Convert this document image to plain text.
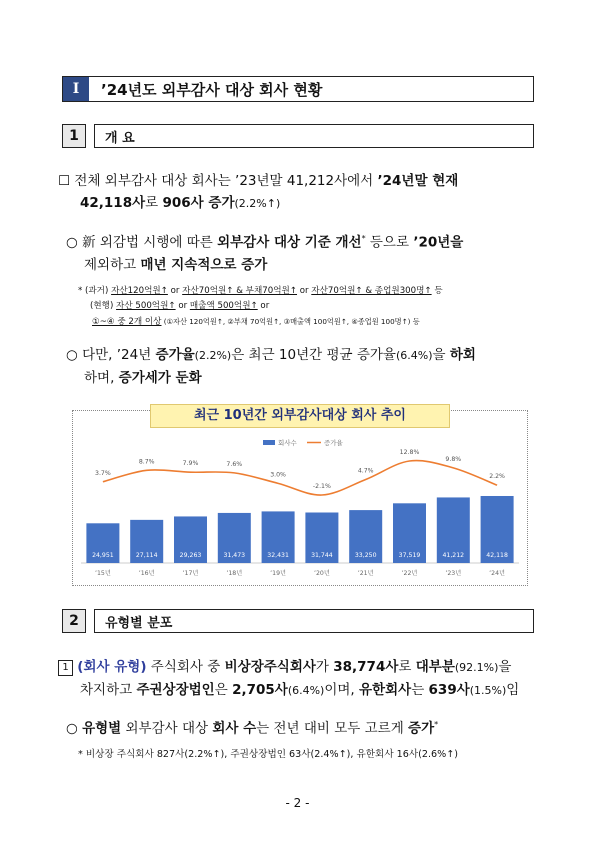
I	’24년도 외부감사 대상 회사 현황
1	개 요
☐ 전체 외부감사 대상 회사는 ’23년말 41,212사에서 ’24년말 현재
42,118사로 906사 증가(2.2%↑)
○ 新 외감법 시행에 따른 외부감사 대상 기준 개선* 등으로 ’20년을
제외하고 매년 지속적으로 증가
* (과거) 자산120억원↑ or 자산70억원↑ & 부채70억원↑ or 자산70억원↑ & 종업원300명↑ 등
(현행) 자산 500억원↑ or 매출액 500억원↑ or
①~④ 중 2개 이상 (①자산 120억원↑, ②부채 70억원↑, ③매출액 100억원↑, ④종업원 100명↑) 등
○ 다만, ’24년 증가율(2.2%)은 최근 10년간 평균 증가율(6.4%)을 하회
하며, 증가세가 둔화
회사수	증가율
24,951
’15년
27,114
’16년
29,263
’17년
31,473
’18년
32,431
’19년
31,744
’20년
33,250
’21년
37,519
’22년
41,212
’23년
42,118
’24년
3.7%
8.7%	7.9%	7.6%
3.0%
-2.1%
4.7%
12.8%
9.8%
2.2%
최근 10년간 외부감사대상 회사 추이
2	유형별 분포
1 (회사 유형) 주식회사 중 비상장주식회사가 38,774사로 대부분(92.1%)을
차지하고 주권상장법인은 2,705사(6.4%)이며, 유한회사는 639사(1.5%)임
○ 유형별 외부감사 대상 회사 수는 전년 대비 모두 고르게 증가*
* 비상장 주식회사 827사(2.2%↑), 주권상장법인 63사(2.4%↑), 유한회사 16사(2.6%↑)
- 2 -
